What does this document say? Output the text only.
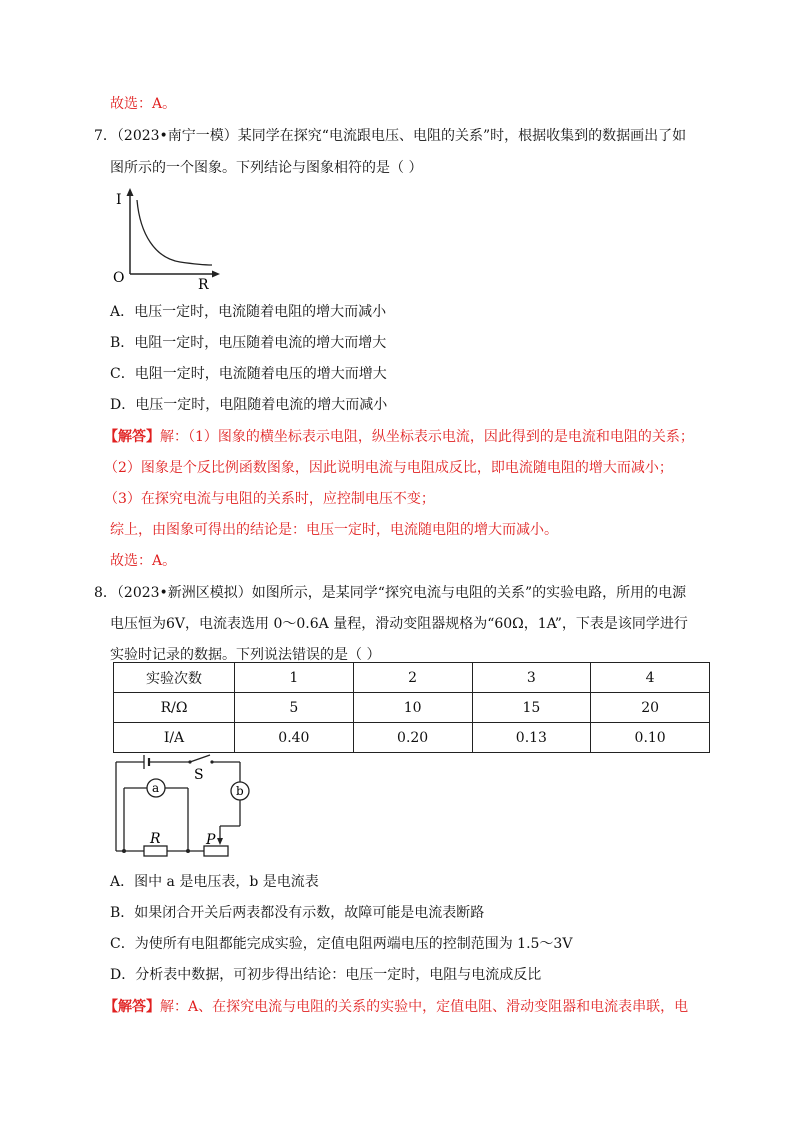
故选：A。
7．（2023•南宁一模）某同学在探究“电流跟电压、电阻的关系”时，根据收集到的数据画出了如
图所示的一个图象。下列结论与图象相符的是（ ）
I
R
O
A．电压一定时，电流随着电阻的增大而减小
B．电阻一定时，电压随着电流的增大而增大
C．电阻一定时，电流随着电压的增大而增大
D．电压一定时，电阻随着电流的增大而减小
【解答】解：（1）图象的横坐标表示电阻，纵坐标表示电流，因此得到的是电流和电阻的关系；
（2）图象是个反比例函数图象，因此说明电流与电阻成反比，即电流随电阻的增大而减小；
（3）在探究电流与电阻的关系时，应控制电压不变；
综上，由图象可得出的结论是：电压一定时，电流随电阻的增大而减小。
故选：A。
8．（2023•新洲区模拟）如图所示，是某同学“探究电流与电阻的关系”的实验电路，所用的电源
电压恒为6V，电流表选用 0～0.6A 量程，滑动变阻器规格为“60Ω，1A”，下表是该同学进行
实验时记录的数据。下列说法错误的是（ ）
实验次数	1	2	3	4
R/Ω	5	10	15	20
I/A	0.40	0.20	0.13	0.10
S
a	b
R	P
A．图中 a 是电压表，b 是电流表
B．如果闭合开关后两表都没有示数，故障可能是电流表断路
C．为使所有电阻都能完成实验，定值电阻两端电压的控制范围为 1.5～3V
D．分析表中数据，可初步得出结论：电压一定时，电阻与电流成反比
【解答】解：A、在探究电流与电阻的关系的实验中，定值电阻、滑动变阻器和电流表串联，电
